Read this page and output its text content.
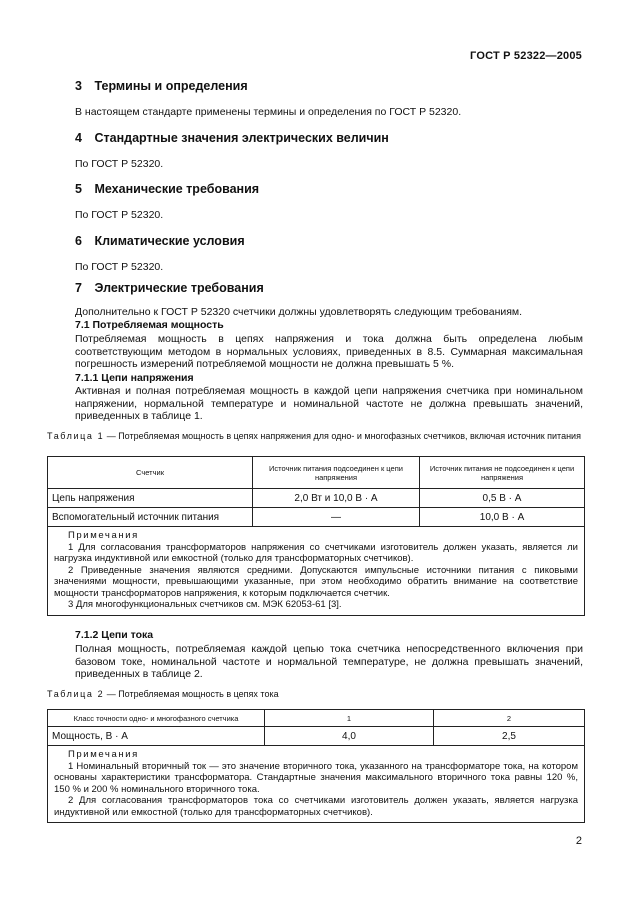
ГОСТ Р 52322—2005
3 Термины и определения
В настоящем стандарте применены термины и определения по ГОСТ Р 52320.
4 Стандартные значения электрических величин
По ГОСТ Р 52320.
5 Механические требования
По ГОСТ Р 52320.
6 Климатические условия
По ГОСТ Р 52320.
7 Электрические требования
Дополнительно к ГОСТ Р 52320 счетчики должны удовлетворять следующим требованиям.
7.1 Потребляемая мощность
Потребляемая мощность в цепях напряжения и тока должна быть определена любым соответствующим методом в нормальных условиях, приведенных в 8.5. Суммарная максимальная погрешность измерений потребляемой мощности не должна превышать 5 %.
7.1.1 Цепи напряжения
Активная и полная потребляемая мощность в каждой цепи напряжения счетчика при номинальном напряжении, нормальной температуре и номинальной частоте не должна превышать значений, приведенных в таблице 1.
Таблица 1 — Потребляемая мощность в цепях напряжения для одно- и многофазных счетчиков, включая источник питания
Счетчик	Источник питания подсоединен к цепи напряжения	Источник питания не подсоединен к цепи напряжения
Цепь напряжения	2,0 Вт и 10,0 В · А	0,5 В · А
Вспомогательный источник питания	—	10,0 В · А

Примечания
1 Для согласования трансформаторов напряжения со счетчиками изготовитель должен указать, является ли нагрузка индуктивной или емкостной (только для трансформаторных счетчиков).
2 Приведенные значения являются средними. Допускаются импульсные источники питания с пиковыми значениями мощности, превышающими указанные, при этом необходимо обратить внимание на соответствие мощности трансформаторов напряжения, к которым подключается счетчик.
3 Для многофункциональных счетчиков см. МЭК 62053-61 [3].		
7.1.2 Цепи тока
Полная мощность, потребляемая каждой цепью тока счетчика непосредственного включения при базовом токе, номинальной частоте и нормальной температуре, не должна превышать значений, приведенных в таблице 2.
Таблица 2 — Потребляемая мощность в цепях тока
Класс точности одно- и многофазного счетчика	1	2
Мощность, В · А	4,0	2,5

Примечания
1 Номинальный вторичный ток — это значение вторичного тока, указанного на трансформаторе тока, на котором основаны характеристики трансформатора. Стандартные значения максимального вторичного тока равны 120 %, 150 % и 200 % номинального вторичного тока.
2 Для согласования трансформаторов тока со счетчиками изготовитель должен указать, является нагрузка индуктивной или емкостной (только для трансформаторных счетчиков).		
2
